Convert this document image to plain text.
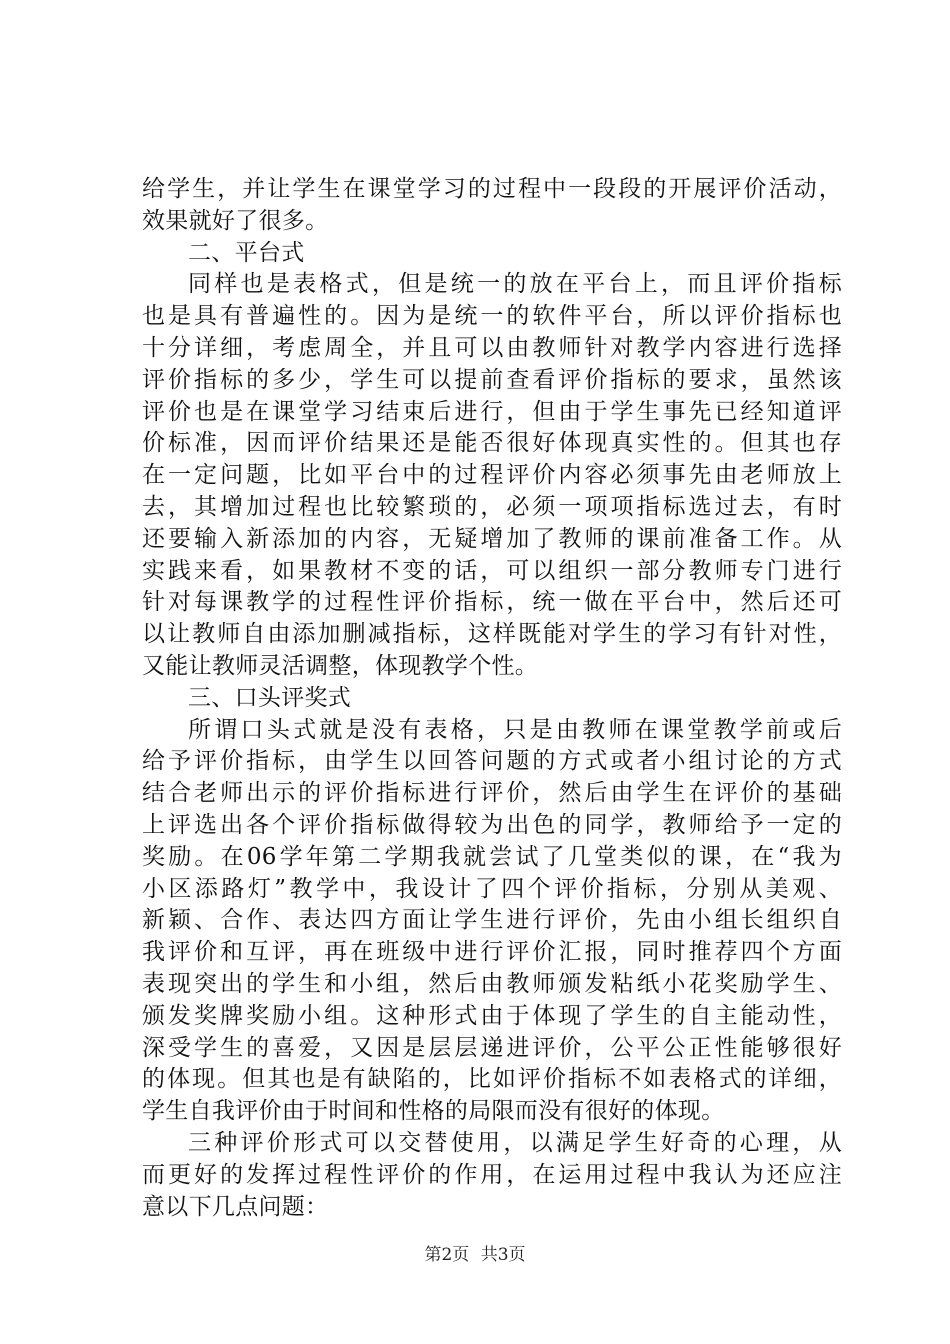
给学生，并让学生在课堂学习的过程中一段段的开展评价活动，
效果就好了很多。
二、平台式
同样也是表格式，但是统一的放在平台上，而且评价指标
也是具有普遍性的。因为是统一的软件平台，所以评价指标也
十分详细，考虑周全，并且可以由教师针对教学内容进行选择
评价指标的多少，学生可以提前查看评价指标的要求，虽然该
评价也是在课堂学习结束后进行，但由于学生事先已经知道评
价标准，因而评价结果还是能否很好体现真实性的。但其也存
在一定问题，比如平台中的过程评价内容必须事先由老师放上
去，其增加过程也比较繁琐的，必须一项项指标选过去，有时
还要输入新添加的内容，无疑增加了教师的课前准备工作。从
实践来看，如果教材不变的话，可以组织一部分教师专门进行
针对每课教学的过程性评价指标，统一做在平台中，然后还可
以让教师自由添加删减指标，这样既能对学生的学习有针对性，
又能让教师灵活调整，体现教学个性。
三、口头评奖式
所谓口头式就是没有表格，只是由教师在课堂教学前或后
给予评价指标，由学生以回答问题的方式或者小组讨论的方式
结合老师出示的评价指标进行评价，然后由学生在评价的基础
上评选出各个评价指标做得较为出色的同学，教师给予一定的
奖励。在06学年第二学期我就尝试了几堂类似的课，在“我为
小区添路灯”教学中，我设计了四个评价指标，分别从美观、
新颖、合作、表达四方面让学生进行评价，先由小组长组织自
我评价和互评，再在班级中进行评价汇报，同时推荐四个方面
表现突出的学生和小组，然后由教师颁发粘纸小花奖励学生、
颁发奖牌奖励小组。这种形式由于体现了学生的自主能动性，
深受学生的喜爱，又因是层层递进评价，公平公正性能够很好
的体现。但其也是有缺陷的，比如评价指标不如表格式的详细，
学生自我评价由于时间和性格的局限而没有很好的体现。
三种评价形式可以交替使用，以满足学生好奇的心理，从
而更好的发挥过程性评价的作用，在运用过程中我认为还应注
意以下几点问题：
第2页 共3页
